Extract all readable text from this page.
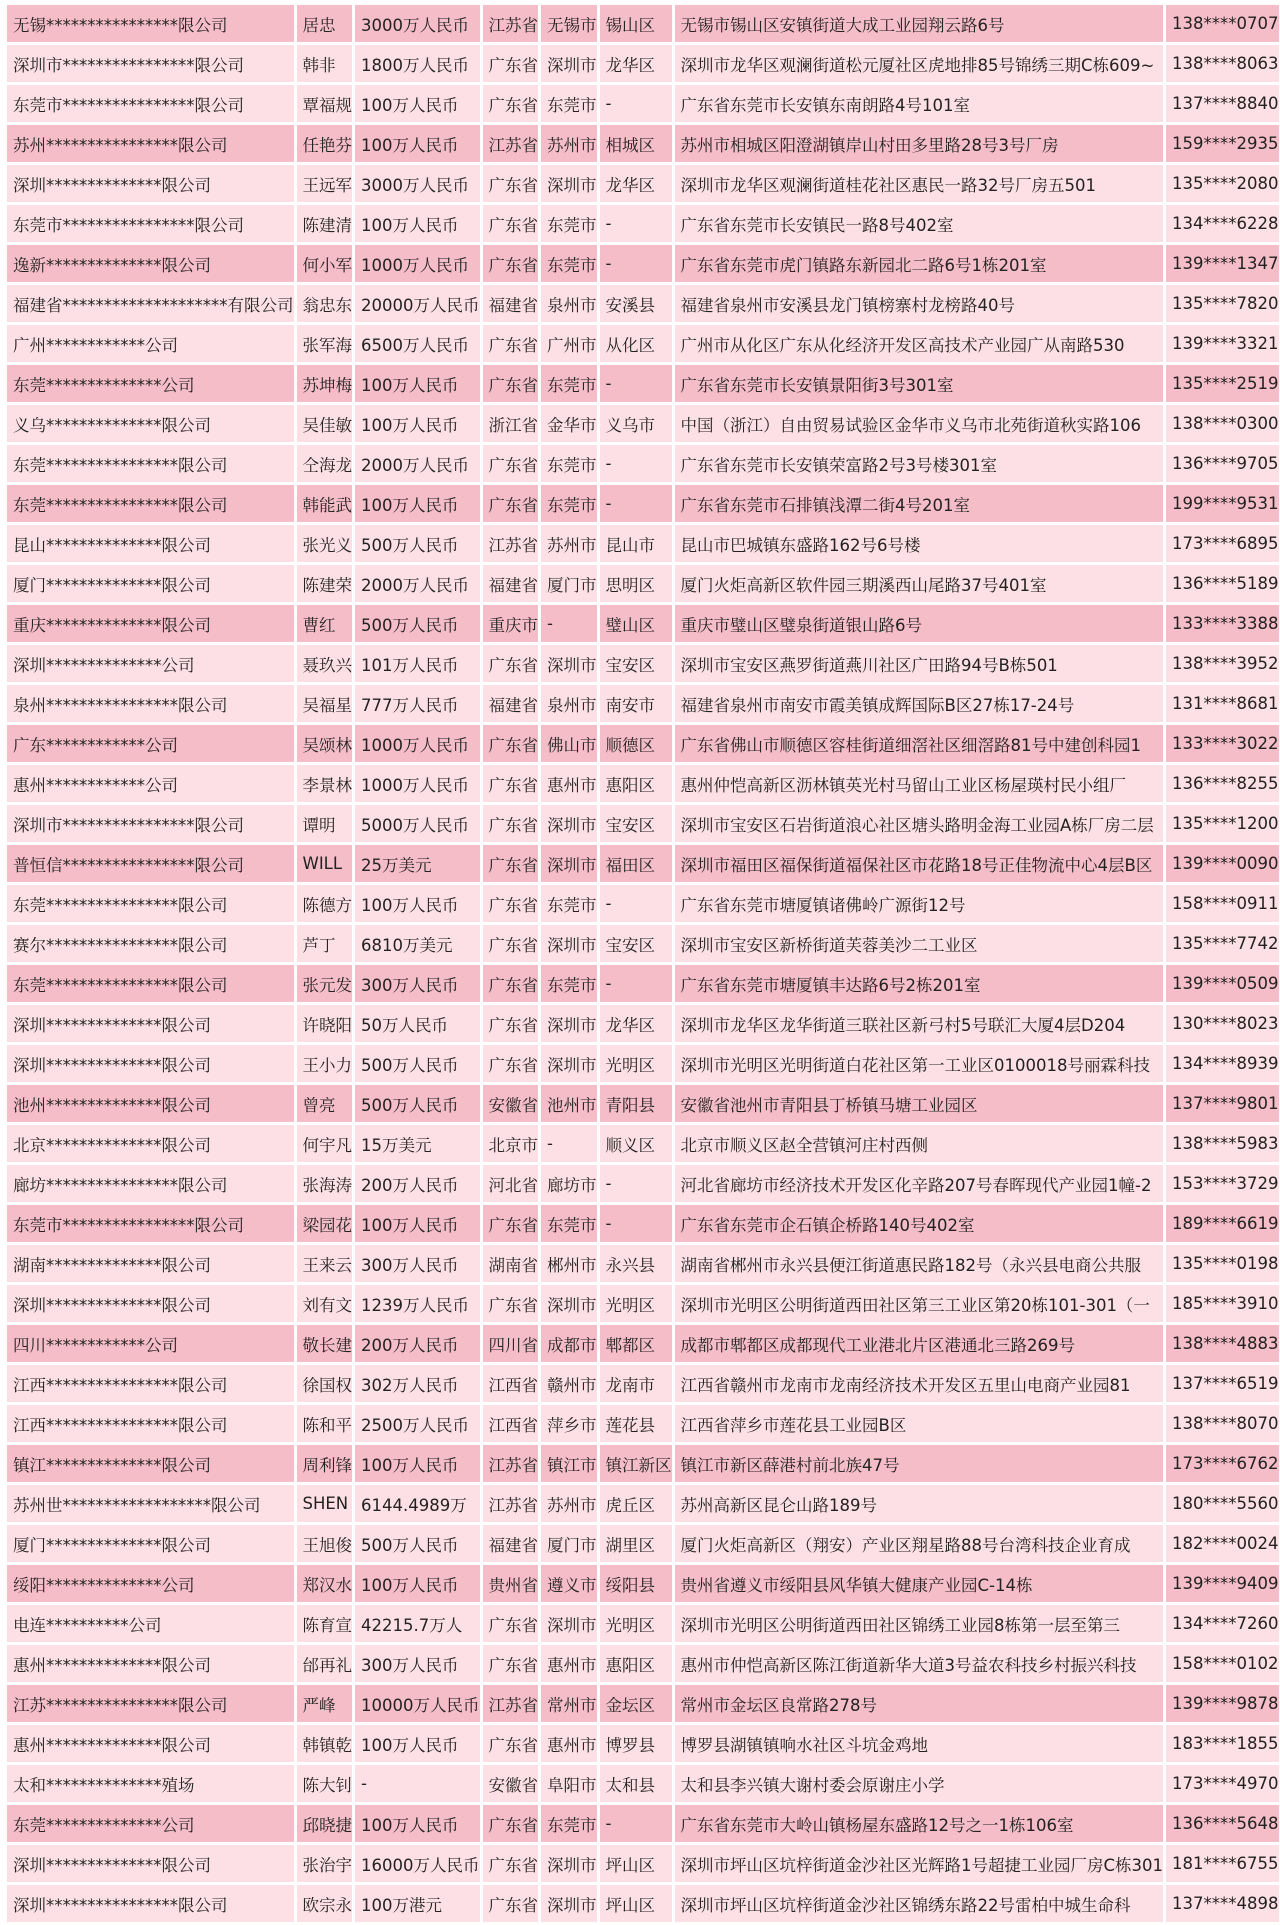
无锡****************限公司	居忠	3000万人民币	江苏省	无锡市	锡山区	无锡市锡山区安镇街道大成工业园翔云路6号	138****0707
深圳市****************限公司	韩非	1800万人民币	广东省	深圳市	龙华区	深圳市龙华区观澜街道松元厦社区虎地排85号锦绣三期C栋609~	138****8063
东莞市****************限公司	覃福规	100万人民币	广东省	东莞市	-	广东省东莞市长安镇东南朗路4号101室	137****8840
苏州****************限公司	任艳芬	100万人民币	江苏省	苏州市	相城区	苏州市相城区阳澄湖镇岸山村田多里路28号3号厂房	159****2935
深圳**************限公司	王远军	3000万人民币	广东省	深圳市	龙华区	深圳市龙华区观澜街道桂花社区惠民一路32号厂房五501	135****2080
东莞市****************限公司	陈建清	100万人民币	广东省	东莞市	-	广东省东莞市长安镇民一路8号402室	134****6228
逸新**************限公司	何小军	1000万人民币	广东省	东莞市	-	广东省东莞市虎门镇路东新园北二路6号1栋201室	139****1347
福建省********************有限公司	翁忠东	20000万人民币	福建省	泉州市	安溪县	福建省泉州市安溪县龙门镇榜寨村龙榜路40号	135****7820
广州************公司	张军海	6500万人民币	广东省	广州市	从化区	广州市从化区广东从化经济开发区高技术产业园广从南路530	139****3321
东莞**************公司	苏坤梅	100万人民币	广东省	东莞市	-	广东省东莞市长安镇景阳街3号301室	135****2519
义乌**************限公司	吴佳敏	100万人民币	浙江省	金华市	义乌市	中国（浙江）自由贸易试验区金华市义乌市北苑街道秋实路106	138****0300
东莞****************限公司	仝海龙	2000万人民币	广东省	东莞市	-	广东省东莞市长安镇荣富路2号3号楼301室	136****9705
东莞****************限公司	韩能武	100万人民币	广东省	东莞市	-	广东省东莞市石排镇浅潭二街4号201室	199****9531
昆山**************限公司	张光义	500万人民币	江苏省	苏州市	昆山市	昆山市巴城镇东盛路162号6号楼	173****6895
厦门**************限公司	陈建荣	2000万人民币	福建省	厦门市	思明区	厦门火炬高新区软件园三期溪西山尾路37号401室	136****5189
重庆**************限公司	曹红	500万人民币	重庆市	-	璧山区	重庆市璧山区璧泉街道银山路6号	133****3388
深圳**************公司	聂玖兴	101万人民币	广东省	深圳市	宝安区	深圳市宝安区燕罗街道燕川社区广田路94号B栋501	138****3952
泉州****************限公司	吴福星	777万人民币	福建省	泉州市	南安市	福建省泉州市南安市霞美镇成辉国际B区27栋17-24号	131****8681
广东************公司	吴颂林	1000万人民币	广东省	佛山市	顺德区	广东省佛山市顺德区容桂街道细滘社区细滘路81号中建创科园1	133****3022
惠州************公司	李景林	1000万人民币	广东省	惠州市	惠阳区	惠州仲恺高新区沥林镇英光村马留山工业区杨屋瑛村民小组厂	136****8255
深圳市****************限公司	谭明	5000万人民币	广东省	深圳市	宝安区	深圳市宝安区石岩街道浪心社区塘头路明金海工业园A栋厂房二层	135****1200
普恒信****************限公司	WILL	25万美元	广东省	深圳市	福田区	深圳市福田区福保街道福保社区市花路18号正佳物流中心4层B区	139****0090
东莞****************限公司	陈德方	100万人民币	广东省	东莞市	-	广东省东莞市塘厦镇诸佛岭广源街12号	158****0911
赛尔****************限公司	芦丁	6810万美元	广东省	深圳市	宝安区	深圳市宝安区新桥街道芙蓉美沙二工业区	135****7742
东莞****************限公司	张元发	300万人民币	广东省	东莞市	-	广东省东莞市塘厦镇丰达路6号2栋201室	139****0509
深圳**************限公司	许晓阳	50万人民币	广东省	深圳市	龙华区	深圳市龙华区龙华街道三联社区新弓村5号联汇大厦4层D204	130****8023
深圳**************限公司	王小力	500万人民币	广东省	深圳市	光明区	深圳市光明区光明街道白花社区第一工业区0100018号丽霖科技	134****8939
池州**************限公司	曾亮	500万人民币	安徽省	池州市	青阳县	安徽省池州市青阳县丁桥镇马塘工业园区	137****9801
北京**************限公司	何宇凡	15万美元	北京市	-	顺义区	北京市顺义区赵全营镇河庄村西侧	138****5983
廊坊****************限公司	张海涛	200万人民币	河北省	廊坊市	-	河北省廊坊市经济技术开发区化辛路207号春晖现代产业园1幢-2	153****3729
东莞市****************限公司	梁园花	100万人民币	广东省	东莞市	-	广东省东莞市企石镇企桥路140号402室	189****6619
湖南**************限公司	王来云	300万人民币	湖南省	郴州市	永兴县	湖南省郴州市永兴县便江街道惠民路182号（永兴县电商公共服	135****0198
深圳**************限公司	刘有文	1239万人民币	广东省	深圳市	光明区	深圳市光明区公明街道西田社区第三工业区第20栋101-301（一	185****3910
四川************公司	敬长建	200万人民币	四川省	成都市	郫都区	成都市郫都区成都现代工业港北片区港通北三路269号	138****4883
江西****************限公司	徐国权	302万人民币	江西省	赣州市	龙南市	江西省赣州市龙南市龙南经济技术开发区五里山电商产业园81	137****6519
江西****************限公司	陈和平	2500万人民币	江西省	萍乡市	莲花县	江西省萍乡市莲花县工业园B区	138****8070
镇江**************限公司	周利锋	100万人民币	江苏省	镇江市	镇江新区	镇江市新区薛港村前北族47号	173****6762
苏州世******************限公司	SHEN	6144.4989万	江苏省	苏州市	虎丘区	苏州高新区昆仑山路189号	180****5560
厦门**************限公司	王旭俊	500万人民币	福建省	厦门市	湖里区	厦门火炬高新区（翔安）产业区翔星路88号台湾科技企业育成	182****0024
绥阳**************公司	郑汉水	100万人民币	贵州省	遵义市	绥阳县	贵州省遵义市绥阳县风华镇大健康产业园C-14栋	139****9409
电连**********公司	陈育宣	42215.7万人	广东省	深圳市	光明区	深圳市光明区公明街道西田社区锦绣工业园8栋第一层至第三	134****7260
惠州**************限公司	邰再礼	300万人民币	广东省	惠州市	惠阳区	惠州市仲恺高新区陈江街道新华大道3号益农科技乡村振兴科技	158****0102
江苏****************限公司	严峰	10000万人民币	江苏省	常州市	金坛区	常州市金坛区良常路278号	139****9878
惠州**************限公司	韩镇乾	100万人民币	广东省	惠州市	博罗县	博罗县湖镇镇响水社区斗坑金鸡地	183****1855
太和**************殖场	陈大钊	-	安徽省	阜阳市	太和县	太和县李兴镇大谢村委会原谢庄小学	173****4970
东莞**************公司	邱晓捷	100万人民币	广东省	东莞市	-	广东省东莞市大岭山镇杨屋东盛路12号之一1栋106室	136****5648
深圳**************限公司	张治宇	16000万人民币	广东省	深圳市	坪山区	深圳市坪山区坑梓街道金沙社区光辉路1号超捷工业园厂房C栋301	181****6755
深圳****************限公司	欧宗永	100万港元	广东省	深圳市	坪山区	深圳市坪山区坑梓街道金沙社区锦绣东路22号雷柏中城生命科	137****4898
